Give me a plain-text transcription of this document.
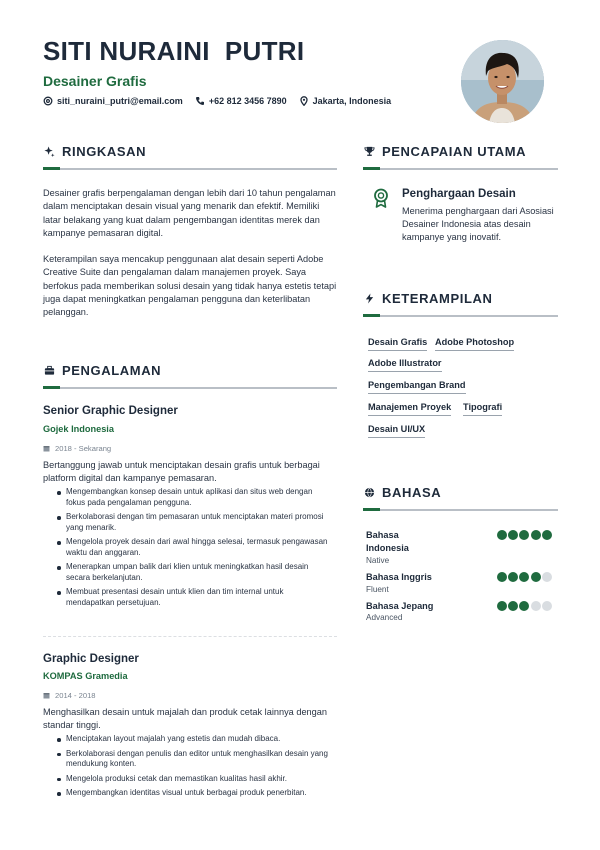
SITI NURAINI  PUTRI
Desainer Grafis
siti_nuraini_putri@email.com	+62 812 3456 7890	Jakarta, Indonesia
RINGKASAN
Desainer grafis berpengalaman dengan lebih dari 10 tahun pengalaman dalam menciptakan desain visual yang menarik dan efektif. Memiliki latar belakang yang kuat dalam pengembangan identitas merek dan kampanye pemasaran digital.
Keterampilan saya mencakup penggunaan alat desain seperti Adobe Creative Suite dan pengalaman dalam manajemen proyek. Saya berfokus pada memberikan solusi desain yang tidak hanya estetis tetapi juga dapat meningkatkan pengalaman pengguna dan keterlibatan pelanggan.
PENGALAMAN
Senior Graphic Designer
Gojek Indonesia
2018 - Sekarang
Bertanggung jawab untuk menciptakan desain grafis untuk berbagai platform digital dan kampanye pemasaran.
Mengembangkan konsep desain untuk aplikasi dan situs web dengan fokus pada pengalaman pengguna.
Berkolaborasi dengan tim pemasaran untuk menciptakan materi promosi yang menarik.
Mengelola proyek desain dari awal hingga selesai, termasuk pengawasan waktu dan anggaran.
Menerapkan umpan balik dari klien untuk meningkatkan hasil desain secara berkelanjutan.
Membuat presentasi desain untuk klien dan tim internal untuk mendapatkan persetujuan.
Graphic Designer
KOMPAS Gramedia
2014 - 2018
Menghasilkan desain untuk majalah dan produk cetak lainnya dengan standar tinggi.
Menciptakan layout majalah yang estetis dan mudah dibaca.
Berkolaborasi dengan penulis dan editor untuk menghasilkan desain yang mendukung konten.
Mengelola produksi cetak dan memastikan kualitas hasil akhir.
Mengembangkan identitas visual untuk berbagai produk penerbitan.
PENCAPAIAN UTAMA
Penghargaan Desain
Menerima penghargaan dari Asosiasi Desainer Indonesia atas desain kampanye yang inovatif.
KETERAMPILAN
Desain Grafis Adobe Photoshop
Adobe Illustrator
Pengembangan Brand
Manajemen Proyek Tipografi
Desain UI/UX
BAHASA
Bahasa Indonesia
Native
Bahasa Inggris
Fluent
Bahasa Jepang
Advanced
